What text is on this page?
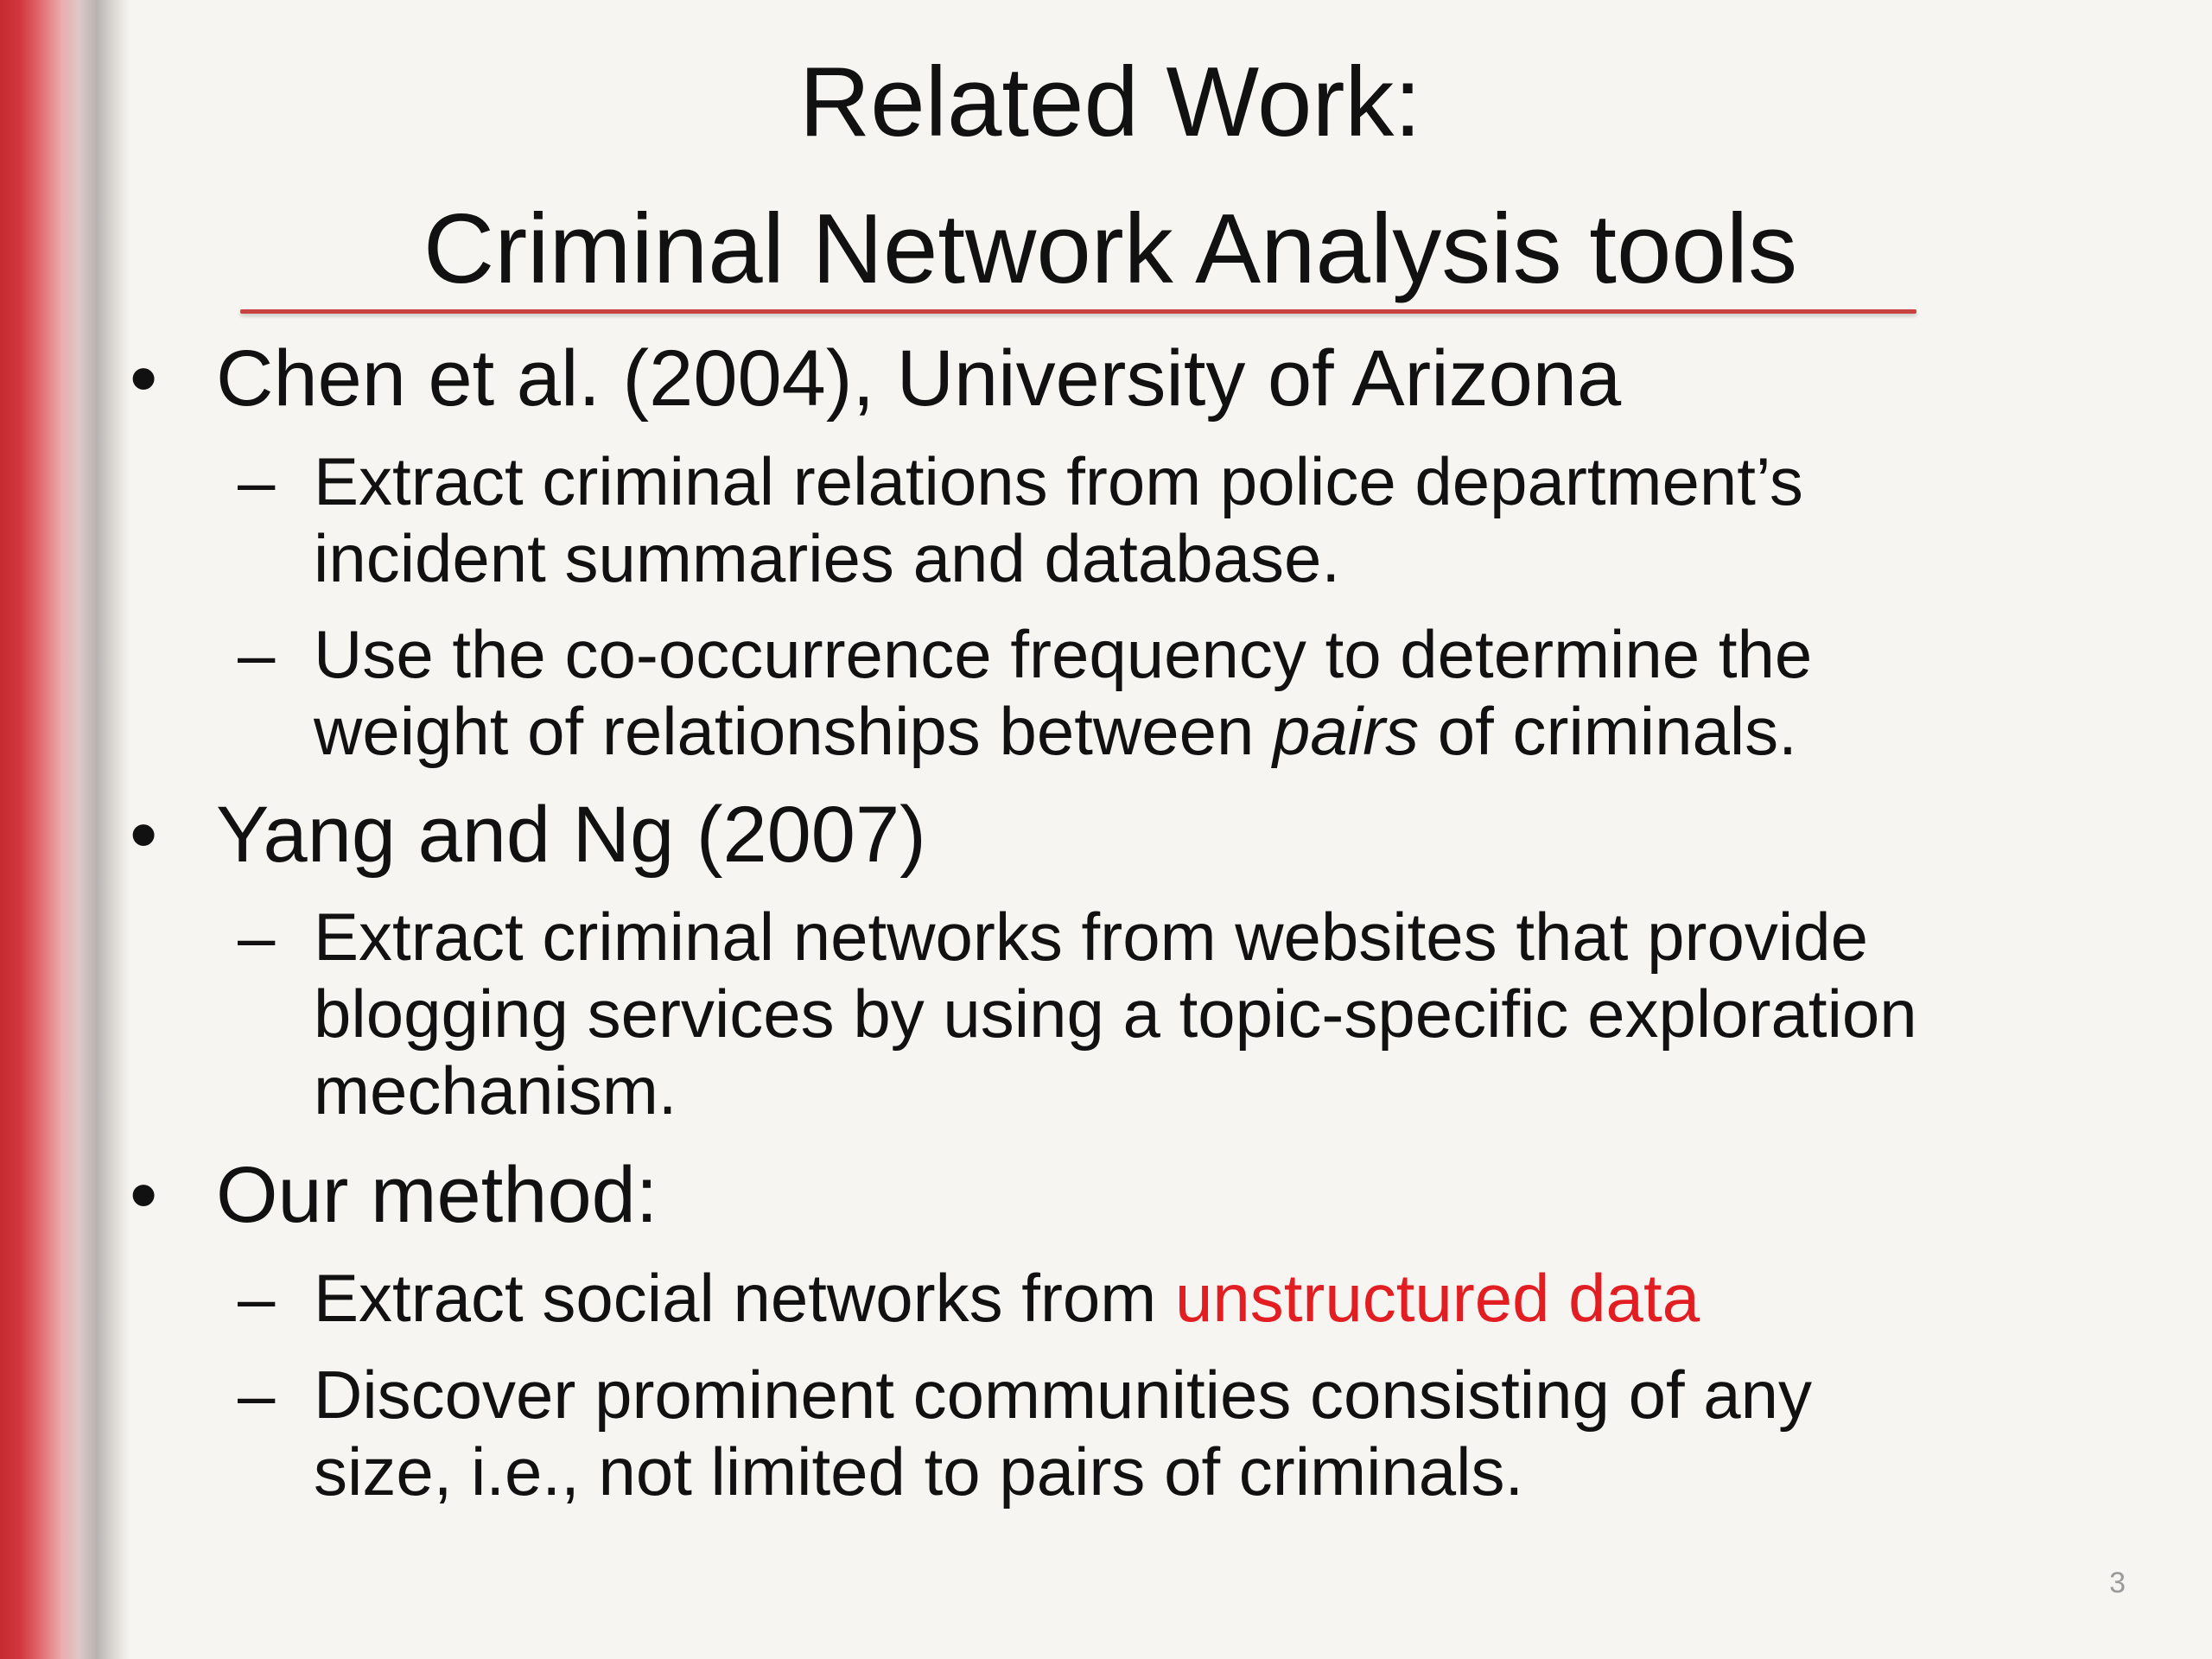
Related Work:
Criminal Network Analysis tools
• Chen et al. (2004), University of Arizona
– Extract criminal relations from police department’s
incident summaries and database.
– Use the co-occurrence frequency to determine the
weight of relationships between pairs of criminals.
• Yang and Ng (2007)
– Extract criminal networks from websites that provide
blogging services by using a topic-specific exploration
mechanism.
• Our method:
– Extract social networks from unstructured data
– Discover prominent communities consisting of any
size, i.e., not limited to pairs of criminals.
3
